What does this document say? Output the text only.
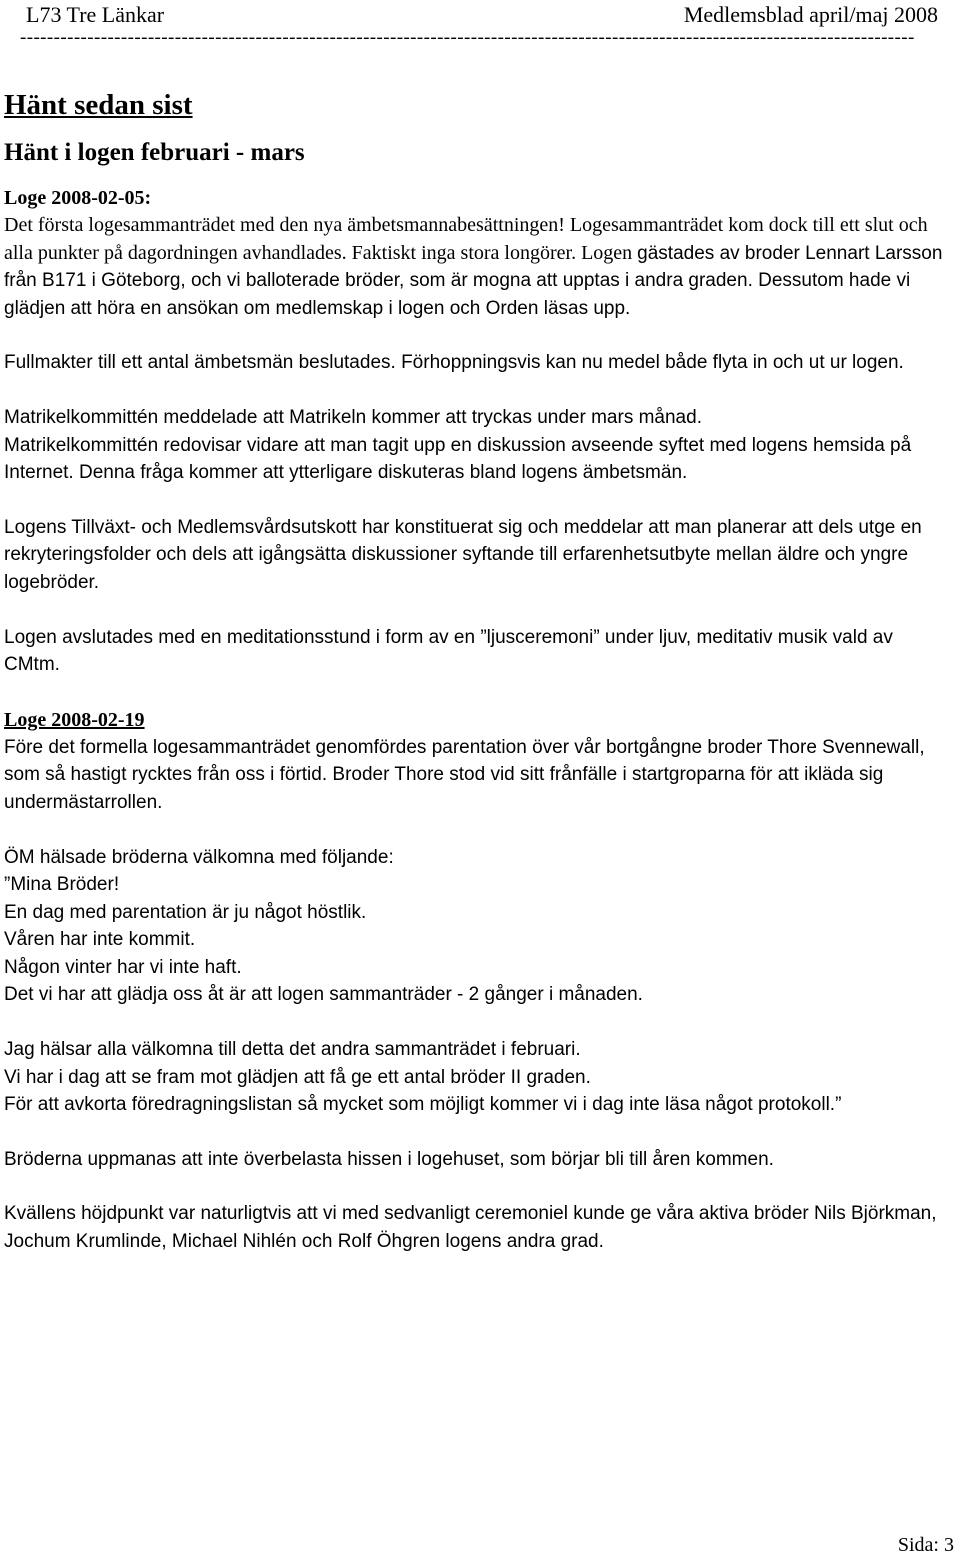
L73 Tre Länkar	Medlemsblad april/maj 2008
-------------------------------------------------------------------------------------------------------------------------------------
Hänt sedan sist
Hänt i logen februari - mars
Loge 2008-02-05:

Det första logesammanträdet med den nya ämbetsmannabesättningen! Logesammanträdet kom dock till ett slut och alla punkter på dagordningen avhandlades. Faktiskt inga stora longörer. Logen gästades av broder Lennart Larsson från B171 i Göteborg, och vi balloterade bröder, som är mogna att upptas i andra graden. Dessutom hade vi glädjen att höra en ansökan om medlemskap i logen och Orden läsas upp.

Fullmakter till ett antal ämbetsmän beslutades. Förhoppningsvis kan nu medel både flyta in och ut ur logen.

Matrikelkommittén meddelade att Matrikeln kommer att tryckas under mars månad.

Matrikelkommittén redovisar vidare att man tagit upp en diskussion avseende syftet med logens hemsida på Internet. Denna fråga kommer att ytterligare diskuteras bland logens ämbetsmän.

Logens Tillväxt- och Medlemsvårdsutskott har konstituerat sig och meddelar att man planerar att dels utge en rekryteringsfolder och dels att igångsätta diskussioner syftande till erfarenhetsutbyte mellan äldre och yngre logebröder.

Logen avslutades med en meditationsstund i form av en ”ljusceremoni” under ljuv, meditativ musik vald av CMtm.

Loge 2008-02-19

Före det formella logesammanträdet genomfördes parentation över vår bortgångne broder Thore Svennewall, som så hastigt rycktes från oss i förtid. Broder Thore stod vid sitt frånfälle i startgroparna för att ikläda sig undermästarrollen.

ÖM hälsade bröderna välkomna med följande:

”Mina Bröder!

En dag med parentation är ju något höstlik.

Våren har inte kommit.

Någon vinter har vi inte haft.

Det vi har att glädja oss åt är att logen sammanträder - 2 gånger i månaden.

Jag hälsar alla välkomna till detta det andra sammanträdet i februari.

Vi har i dag att se fram mot glädjen att få ge ett antal bröder II graden.

För att avkorta föredragningslistan så mycket som möjligt kommer vi i dag inte läsa något protokoll.”

Bröderna uppmanas att inte överbelasta hissen i logehuset, som börjar bli till åren kommen.

Kvällens höjdpunkt var naturligtvis att vi med sedvanligt ceremoniel kunde ge våra aktiva bröder Nils Björkman, Jochum Krumlinde, Michael Nihlén och Rolf Öhgren logens andra grad.

Sida: 3
